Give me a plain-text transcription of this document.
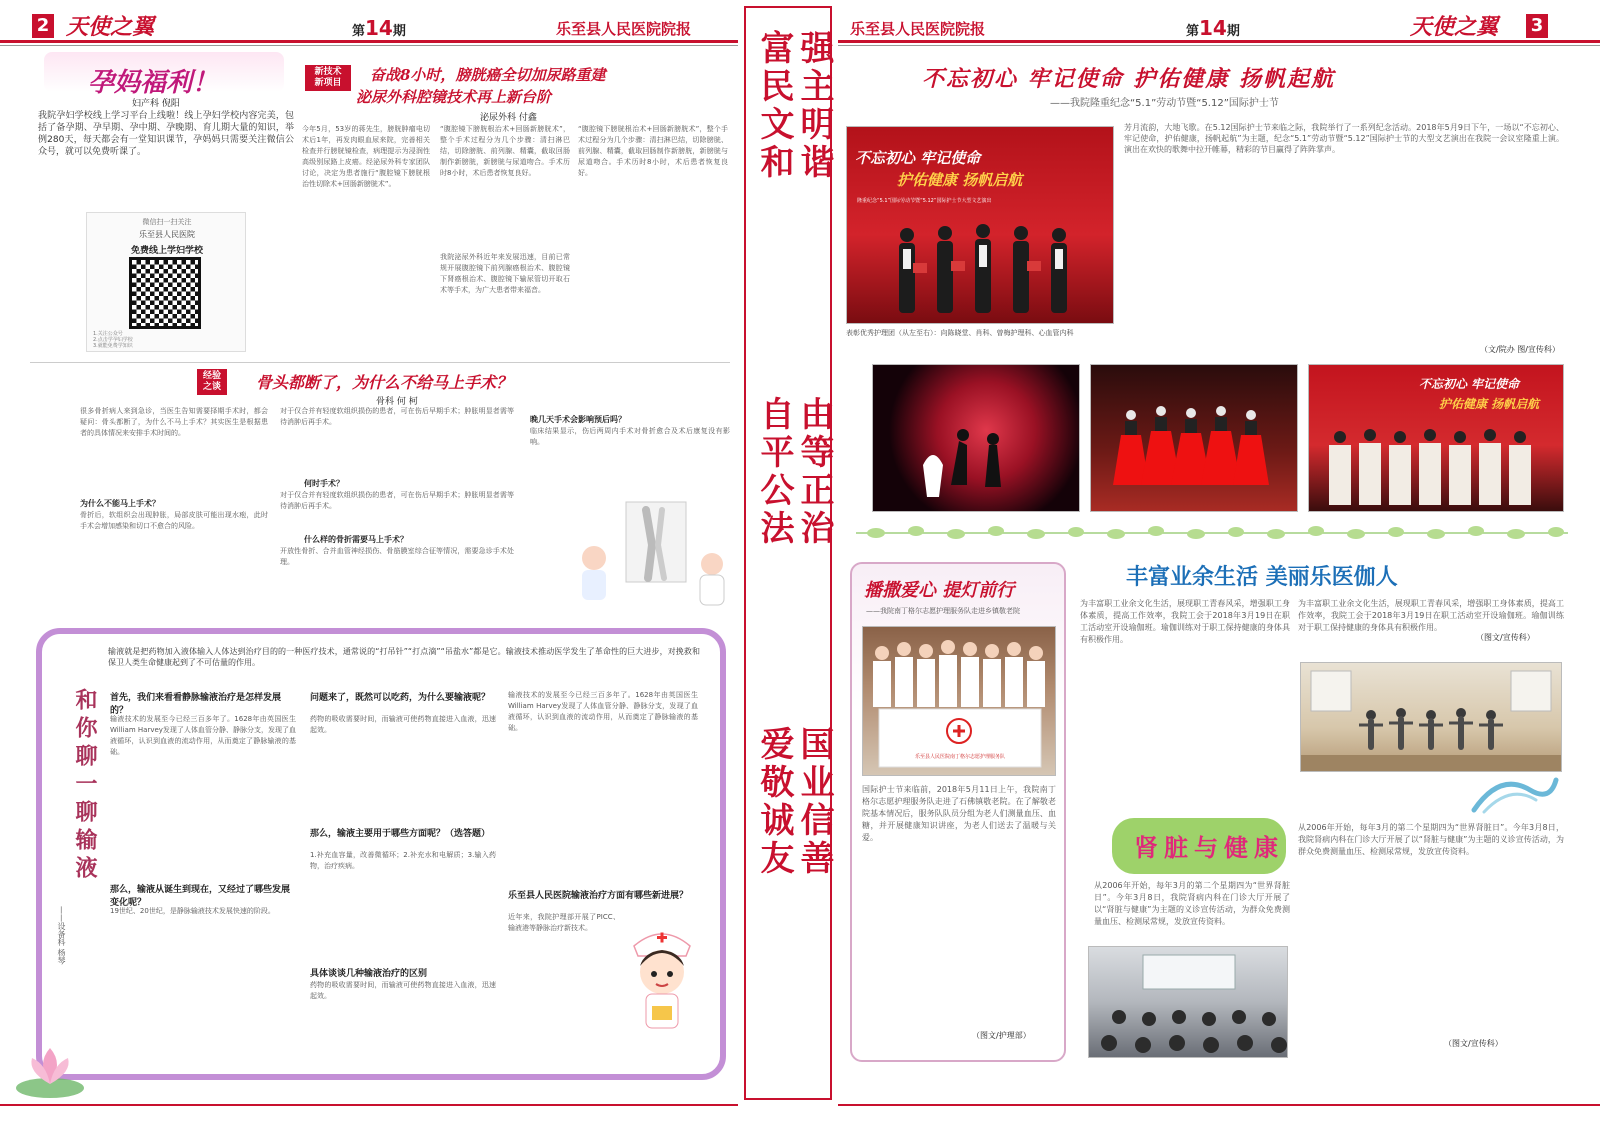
2 天使之翼	第14期	乐至县人民医院院报	乐至县人民医院院报	第14期	天使之翼 3
强主明谐
富民文和
由等正治
自平公法
国业信善
爱敬诚友
孕妈福利！
妇产科 倪阳
我院孕妇学校线上学习平台上线啦！线上孕妇学校内容完美，包括了备孕期、孕早期、孕中期、孕晚期、育儿期大量的知识，举例280天，每天都会有一堂知识课节，孕妈妈只需要关注微信公众号，就可以免费听课了。
微信扫一扫关注
乐至县人民医院
免费线上学妇学校
1.关注公众号
2.点击学孕妇学校
3.就能免费学知识
新技术
新项目	奋战8小时，膀胱癌全切加尿路重建
泌尿外科腔镜技术再上新台阶
泌尿外科 付鑫
今年5月，53岁的蒋先生，膀胱肿瘤电切术后1年，再发肉眼血尿来院，完善相关检查并行膀胱镜检查，病理提示为浸润性高级别尿路上皮癌。经泌尿外科专家团队讨论，决定为患者施行“腹腔镜下膀胱根治性切除术+回肠新膀胱术”。
“腹腔镜下膀胱根治术+回肠新膀胱术”，整个手术过程分为几个步骤：清扫淋巴结，切除膀胱、前列腺、精囊，截取回肠制作新膀胱，新膀胱与尿道吻合。手术历时8小时，术后患者恢复良好。
我院泌尿外科近年来发展迅速，目前已常规开展腹腔镜下前列腺癌根治术、腹腔镜下肾癌根治术、腹腔镜下输尿管切开取石术等手术，为广大患者带来福音。
“腹腔镜下膀胱根治术+回肠新膀胱术”，整个手术过程分为几个步骤：清扫淋巴结，切除膀胱、前列腺、精囊，截取回肠制作新膀胱，新膀胱与尿道吻合。手术历时8小时，术后患者恢复良好。
经验
之谈	骨头都断了，为什么不给马上手术？
骨科 何 柯
很多骨折病人来到急诊，当医生告知需要择期手术时，都会疑问：骨头都断了，为什么不马上手术？其实医生是根据患者的具体情况来安排手术时间的。
为什么不能马上手术？
骨折后，软组织会出现肿胀，局部皮肤可能出现水疱，此时手术会增加感染和切口不愈合的风险。
对于仅合并有轻度软组织损伤的患者，可在伤后早期手术；肿胀明显者需等待消肿后再手术。
何时手术？
对于仅合并有轻度软组织损伤的患者，可在伤后早期手术；肿胀明显者需等待消肿后再手术。
什么样的骨折需要马上手术？
开放性骨折、合并血管神经损伤、骨筋膜室综合征等情况，需要急诊手术处理。
晚几天手术会影响预后吗？
临床结果显示，伤后两周内手术对骨折愈合及术后康复没有影响。
输液就是把药物加入液体输入人体达到治疗目的的一种医疗技术，通常说的“打吊针”“打点滴”“吊盐水”都是它。输液技术推动医学发生了革命性的巨大进步，对挽救和保卫人类生命健康起到了不可估量的作用。
和你聊一聊输液
——设备科 杨琴
首先，我们来看看静脉输液治疗是怎样发展的？
输液技术的发展至今已经三百多年了。1628年由英国医生William Harvey发现了人体血管分静、静脉分支，发现了血液循环，认识到血液的流动作用，从而奠定了静脉输液的基础。
那么，输液从诞生到现在，又经过了哪些发展变化呢？
19世纪、20世纪，是静脉输液技术发展快速的阶段。
问题来了，既然可以吃药，为什么要输液呢？
药物的吸收需要时间，而输液可使药物直接进入血液，迅速起效。
那么，输液主要用于哪些方面呢？（选答题）
1.补充血容量，改善微循环；2.补充水和电解质；3.输入药物，治疗疾病。
具体谈谈几种输液治疗的区别
药物的吸收需要时间，而输液可使药物直接进入血液，迅速起效。
输液技术的发展至今已经三百多年了。1628年由英国医生William Harvey发现了人体血管分静、静脉分支，发现了血液循环，认识到血液的流动作用，从而奠定了静脉输液的基础。
乐至县人民医院输液治疗方面有哪些新进展？
近年来，我院护理部开展了PICC、输液港等静脉治疗新技术。
不忘初心 牢记使命 护佑健康 扬帆起航
——我院隆重纪念“5.1”劳动节暨“5.12”国际护士节
不忘初心 牢记使命
护佑健康 扬帆启航
隆重纪念“5.1”国际劳动节暨“5.12”国际护士节大型文艺演出
表彰优秀护理团（从左至右）：向陈晓堂、肖科、曾梅护理科、心血管内科
芳月流韵，大地飞歌。在5.12国际护士节来临之际，我院举行了一系列纪念活动。2018年5月9日下午，一场以“不忘初心、牢记使命，护佑健康，扬帆起航”为主题，纪念“5.1”劳动节暨“5.12”国际护士节的大型文艺演出在我院一会议室隆重上演。演出在欢快的歌舞中拉开帷幕，精彩的节目赢得了阵阵掌声。
（文/院办 图/宣传科）
不忘初心 牢记使命
护佑健康 扬帆启航
播撒爱心 提灯前行
——我院南丁格尔志愿护理服务队走进乡镇敬老院
乐至县人民医院南丁格尔志愿护理服务队
国际护士节来临前，2018年5月11日上午，我院南丁格尔志愿护理服务队走进了石佛镇敬老院。在了解敬老院基本情况后，服务队队员分组为老人们测量血压、血糖，并开展健康知识讲座，为老人们送去了温暖与关爱。
（图文/护理部）
丰富业余生活 美丽乐医伽人
为丰富职工业余文化生活，展现职工青春风采，增强职工身体素质，提高工作效率，我院工会于2018年3月19日在职工活动室开设瑜伽班。瑜伽训练对于职工保持健康的身体具有积极作用。
为丰富职工业余文化生活，展现职工青春风采，增强职工身体素质，提高工作效率，我院工会于2018年3月19日在职工活动室开设瑜伽班。瑜伽训练对于职工保持健康的身体具有积极作用。
（图文/宣传科）
肾脏与健康
从2006年开始，每年3月的第二个星期四为“世界肾脏日”。今年3月8日，我院肾病内科在门诊大厅开展了以“肾脏与健康”为主题的义诊宣传活动，为群众免费测量血压、检测尿常规，发放宣传资料。
从2006年开始，每年3月的第二个星期四为“世界肾脏日”。今年3月8日，我院肾病内科在门诊大厅开展了以“肾脏与健康”为主题的义诊宣传活动，为群众免费测量血压、检测尿常规，发放宣传资料。
（图文/宣传科）
